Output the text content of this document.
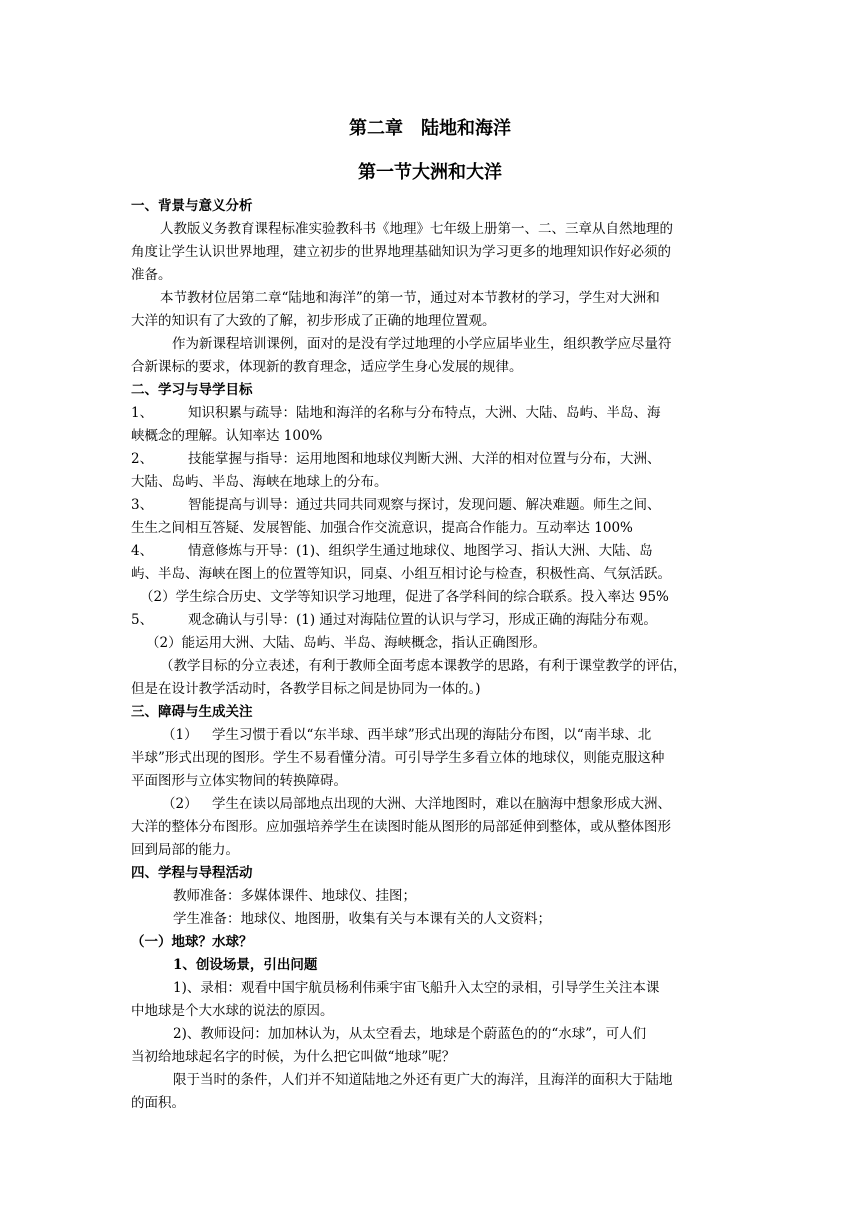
第二章　陆地和海洋
第一节大洲和大洋
一、背景与意义分析
人教版义务教育课程标准实验教科书《地理》七年级上册第一、二、三章从自然地理的
角度让学生认识世界地理，建立初步的世界地理基础知识为学习更多的地理知识作好必须的
准备。
本节教材位居第二章“陆地和海洋”的第一节，通过对本节教材的学习，学生对大洲和
大洋的知识有了大致的了解，初步形成了正确的地理位置观。
作为新课程培训课例，面对的是没有学过地理的小学应届毕业生，组织教学应尽量符
合新课标的要求，体现新的教育理念，适应学生身心发展的规律。
二、学习与导学目标
1、	知识积累与疏导：陆地和海洋的名称与分布特点，大洲、大陆、岛屿、半岛、海
峡概念的理解。认知率达 100%
2、	技能掌握与指导：运用地图和地球仪判断大洲、大洋的相对位置与分布，大洲、
大陆、岛屿、半岛、海峡在地球上的分布。
3、	智能提高与训导：通过共同共同观察与探讨，发现问题、解决难题。师生之间、
生生之间相互答疑、发展智能、加强合作交流意识，提高合作能力。互动率达 100%
4、	情意修炼与开导：(1)、组织学生通过地球仪、地图学习、指认大洲、大陆、岛
屿、半岛、海峡在图上的位置等知识，同桌、小组互相讨论与检查，积极性高、气氛活跃。
（2）学生综合历史、文学等知识学习地理，促进了各学科间的综合联系。投入率达 95%
5、	观念确认与引导：(1) 通过对海陆位置的认识与学习，形成正确的海陆分布观。
（2）能运用大洲、大陆、岛屿、半岛、海峡概念，指认正确图形。
（教学目标的分立表述，有利于教师全面考虑本课教学的思路，有利于课堂教学的评估，
但是在设计教学活动时，各教学目标之间是协同为一体的。)
三、障碍与生成关注
（1） 学生习惯于看以“东半球、西半球”形式出现的海陆分布图，以“南半球、北
半球”形式出现的图形。学生不易看懂分清。可引导学生多看立体的地球仪，则能克服这种
平面图形与立体实物间的转换障碍。
（2） 学生在读以局部地点出现的大洲、大洋地图时，难以在脑海中想象形成大洲、
大洋的整体分布图形。应加强培养学生在读图时能从图形的局部延伸到整体，或从整体图形
回到局部的能力。
四、学程与导程活动
教师准备：多媒体课件、地球仪、挂图；
学生准备：地球仪、地图册，收集有关与本课有关的人文资料；
（一）地球？水球？
1、创设场景，引出问题
1)、录相：观看中国宇航员杨利伟乘宇宙飞船升入太空的录相，引导学生关注本课
中地球是个大水球的说法的原因。
2)、教师设问：加加林认为，从太空看去，地球是个蔚蓝色的的“水球”，可人们
当初给地球起名字的时候，为什么把它叫做“地球”呢？
限于当时的条件，人们并不知道陆地之外还有更广大的海洋，且海洋的面积大于陆地
的面积。
